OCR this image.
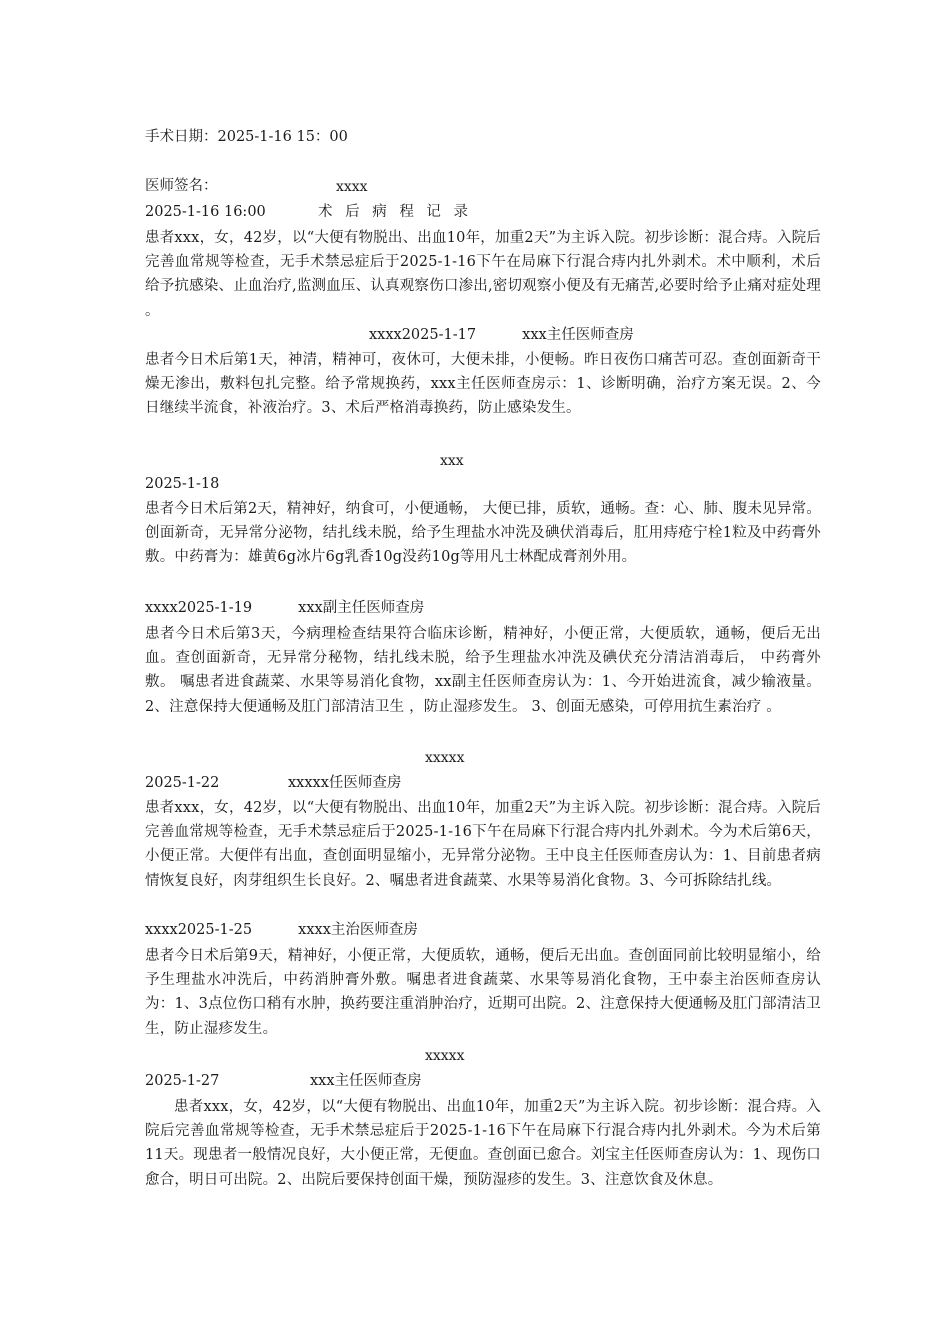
手术日期：2025-1-16 15：00
医师签名：	xxxx
2025-1-16 16:00	术 后 病 程 记 录
患者xxx，女，42岁，以“大便有物脱出、出血10年，加重2天”为主诉入院。初步诊断：混合痔。入院后完善血常规等检查，无手术禁忌症后于2025-1-16下午在局麻下行混合痔内扎外剥术。术中顺利，术后给予抗感染、止血治疗,监测血压、认真观察伤口渗出,密切观察小便及有无痛苦,必要时给予止痛对症处理 。
xxxx2025-1-17          xxx主任医师查房
患者今日术后第1天，神清，精神可，夜休可，大便未排，小便畅。昨日夜伤口痛苦可忍。查创面新奇干燥无渗出，敷料包扎完整。给予常规换药，xxx主任医师查房示：1、诊断明确，治疗方案无误。2、今日继续半流食，补液治疗。3、术后严格消毒换药，防止感染发生。
xxx
2025-1-18
患者今日术后第2天，精神好，纳食可，小便通畅， 大便已排，质软，通畅。查：心、肺、腹未见异常。创面新奇，无异常分泌物，结扎线未脱，给予生理盐水冲洗及碘伏消毒后，肛用痔疮宁栓1粒及中药膏外敷。中药膏为：雄黄6g冰片6g乳香10g没药10g等用凡士林配成膏剂外用。
xxxx2025-1-19          xxx副主任医师查房
患者今日术后第3天，今病理检查结果符合临床诊断，精神好，小便正常，大便质软，通畅，便后无出血。查创面新奇，无异常分秘物，结扎线未脱，给予生理盐水冲洗及碘伏充分清洁消毒后， 中药膏外敷。 嘱患者进食蔬菜、水果等易消化食物，xx副主任医师查房认为：1、今开始进流食，减少输液量。2、注意保持大便通畅及肛门部清洁卫生 ，防止湿疹发生。 3、创面无感染，可停用抗生素治疗 。
xxxxx
2025-1-22	xxxxx任医师查房
患者xxx，女，42岁，以“大便有物脱出、出血10年，加重2天”为主诉入院。初步诊断：混合痔。入院后完善血常规等检查，无手术禁忌症后于2025-1-16下午在局麻下行混合痔内扎外剥术。今为术后第6天，小便正常。大便伴有出血，查创面明显缩小，无异常分泌物。王中良主任医师查房认为：1、目前患者病情恢复良好，肉芽组织生长良好。2、嘱患者进食蔬菜、水果等易消化食物。3、今可拆除结扎线。
xxxx2025-1-25          xxxx主治医师查房
患者今日术后第9天，精神好，小便正常，大便质软，通畅，便后无出血。查创面同前比较明显缩小，给予生理盐水冲洗后，中药消肿膏外敷。嘱患者进食蔬菜、水果等易消化食物，王中泰主治医师查房认为：1、3点位伤口稍有水肿，换药要注重消肿治疗，近期可出院。2、注意保持大便通畅及肛门部清洁卫生，防止湿疹发生。
xxxxx
2025-1-27	xxx主任医师查房
患者xxx，女，42岁，以“大便有物脱出、出血10年，加重2天”为主诉入院。初步诊断：混合痔。入院后完善血常规等检查，无手术禁忌症后于2025-1-16下午在局麻下行混合痔内扎外剥术。今为术后第11天。现患者一般情况良好，大小便正常，无便血。查创面已愈合。刘宝主任医师查房认为：1、现伤口愈合，明日可出院。2、出院后要保持创面干燥，预防湿疹的发生。3、注意饮食及休息。
